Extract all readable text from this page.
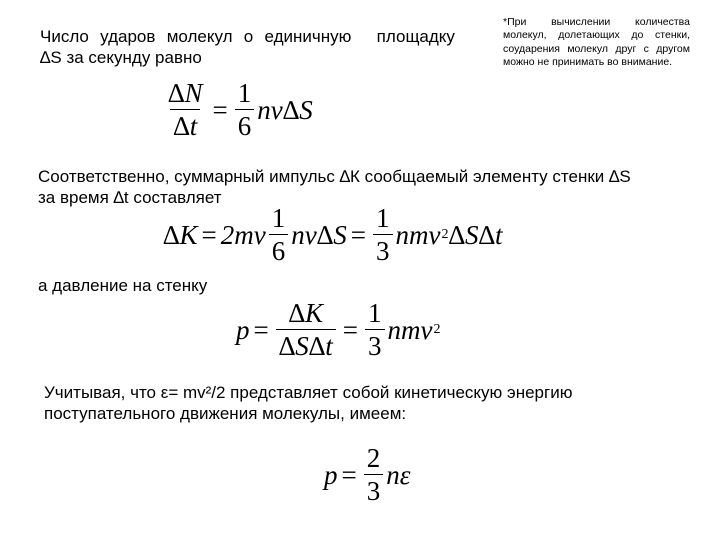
Число ударов молекул о единичную площадку
∆S за секунду равно
*При вычислении количества молекул, долетающих до стенки, соударения молекул друг с другом можно не принимать во внимание.
$\frac{\Delta N}{\Delta t} = \frac{1}{6} nv\Delta S$
Соответственно, суммарный импульс ∆К сообщаемый элементу стенки ∆S
за время ∆t составляет
$\Delta K = 2mv \frac{1}{6} nv\Delta S = \frac{1}{3}$ nmv 2 ∆S∆t
а давление на стенку
$p = \frac{\Delta K}{\Delta S\Delta t} = \frac{1}{3}$ nmv 2
Учитывая, что ε= mv²/2 представляет собой кинетическую энергию
поступательного движения молекулы, имеем:
$p = \frac{2}{3}$ nε
